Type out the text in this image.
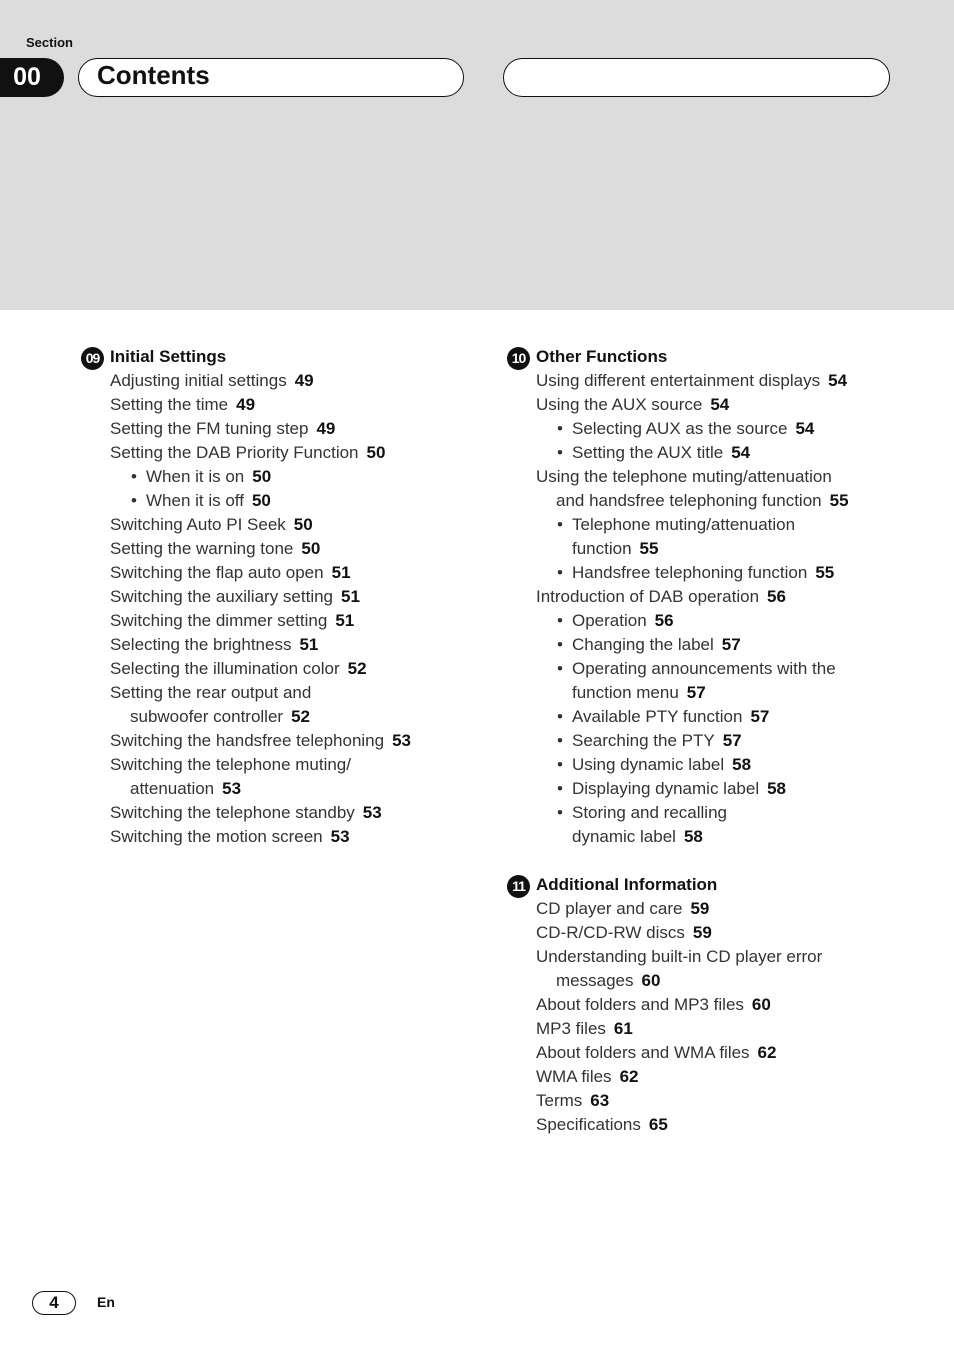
Section
00	Contents
09 Initial Settings
Adjusting initial settings 49
Setting the time 49
Setting the FM tuning step 49
Setting the DAB Priority Function 50
• When it is on 50
• When it is off 50
Switching Auto PI Seek 50
Setting the warning tone 50
Switching the flap auto open 51
Switching the auxiliary setting 51
Switching the dimmer setting 51
Selecting the brightness 51
Selecting the illumination color 52
Setting the rear output and
subwoofer controller 52
Switching the handsfree telephoning 53
Switching the telephone muting/
attenuation 53
Switching the telephone standby 53
Switching the motion screen 53
10 Other Functions
Using different entertainment displays 54
Using the AUX source 54
• Selecting AUX as the source 54
• Setting the AUX title 54
Using the telephone muting/attenuation
and handsfree telephoning function 55
• Telephone muting/attenuation
function 55
• Handsfree telephoning function 55
Introduction of DAB operation 56
• Operation 56
• Changing the label 57
• Operating announcements with the
function menu 57
• Available PTY function 57
• Searching the PTY 57
• Using dynamic label 58
• Displaying dynamic label 58
• Storing and recalling
dynamic label 58
11 Additional Information
CD player and care 59
CD-R/CD-RW discs 59
Understanding built-in CD player error
messages 60
About folders and MP3 files 60
MP3 files 61
About folders and WMA files 62
WMA files 62
Terms 63
Specifications 65
4	En
